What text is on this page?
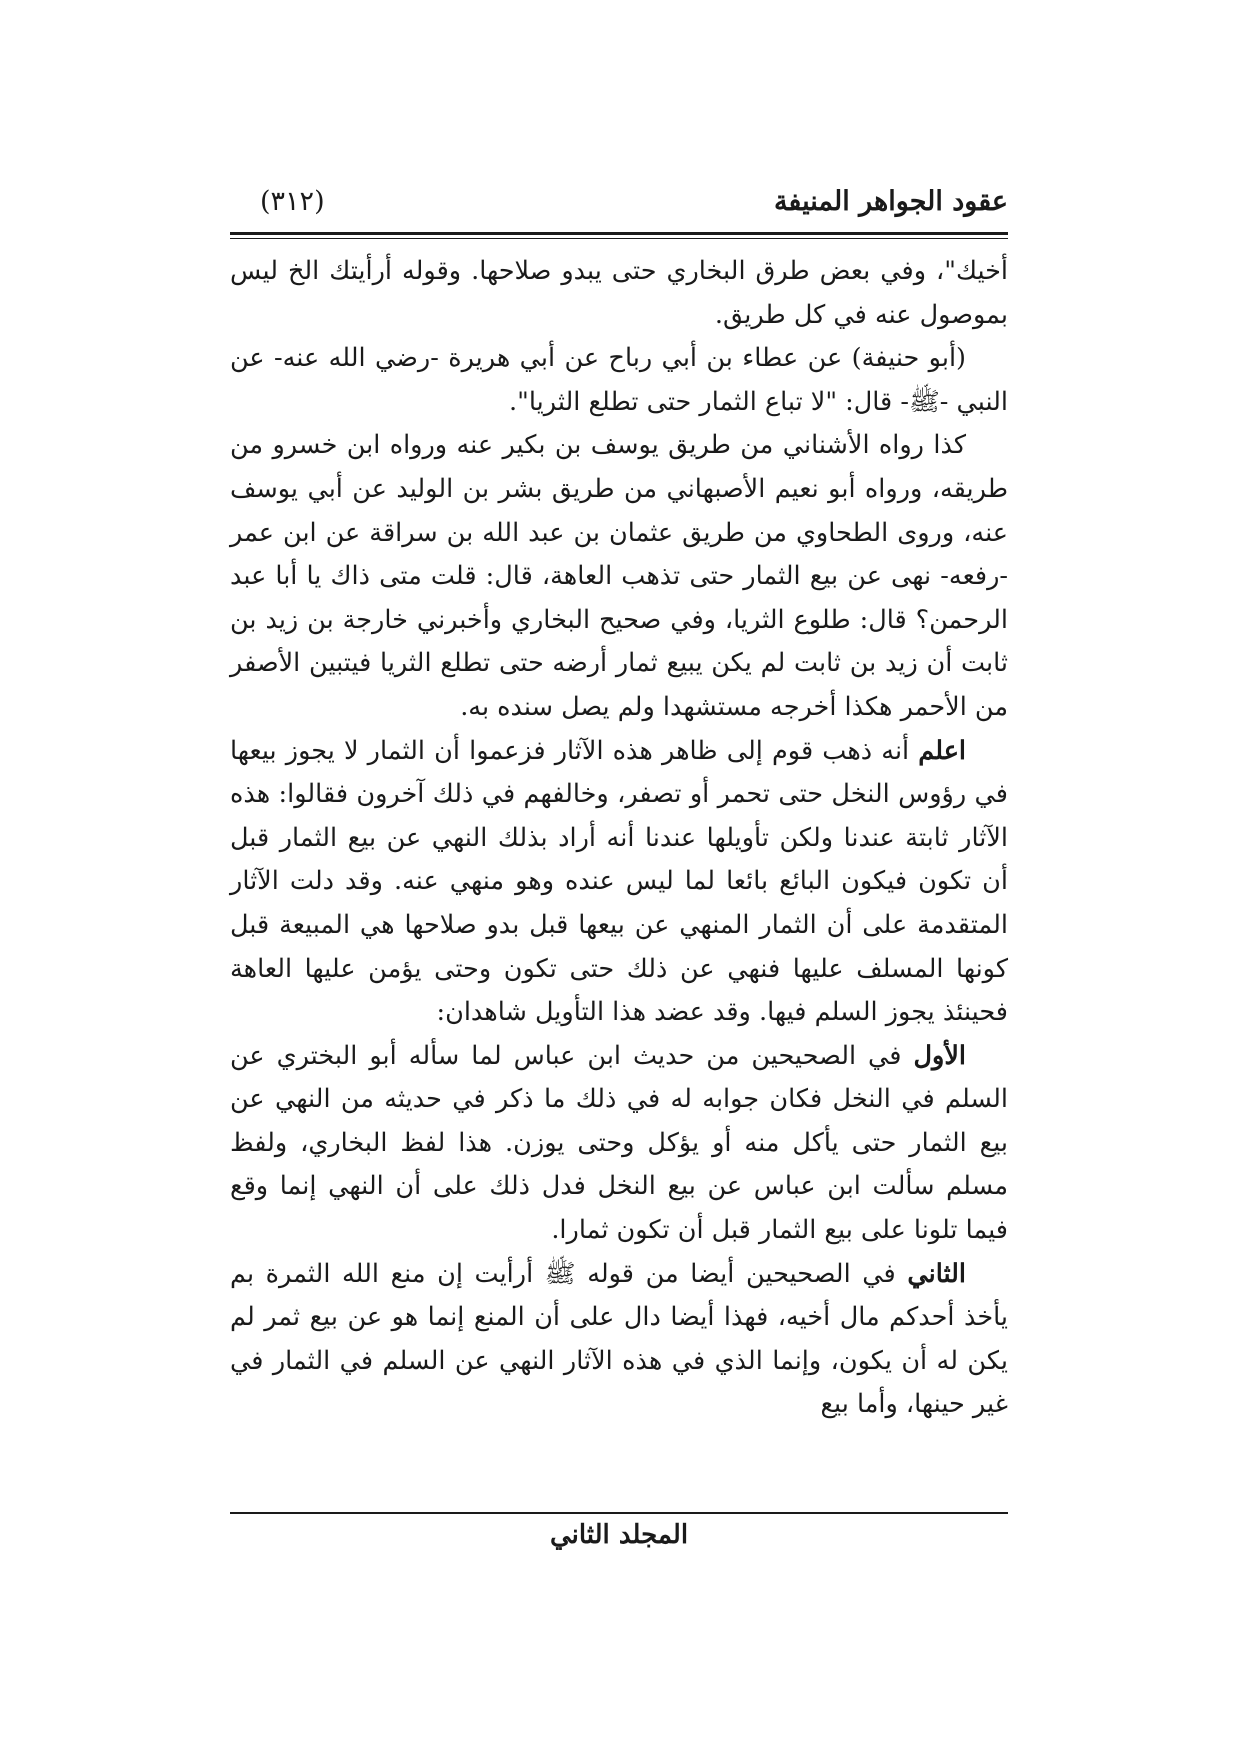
عقود الجواهر المنيفة
(٣١٢)

أخيك"، وفي بعض طرق البخاري حتى يبدو صلاحها. وقوله أرأيتك الخ ليس بموصول عنه في كل طريق.

(أبو حنيفة) عن عطاء بن أبي رباح عن أبي هريرة -رضي الله عنه- عن النبي -ﷺ- قال: "لا تباع الثمار حتى تطلع الثريا".

كذا رواه الأشناني من طريق يوسف بن بكير عنه ورواه ابن خسرو من طريقه، ورواه أبو نعيم الأصبهاني من طريق بشر بن الوليد عن أبي يوسف عنه، وروى الطحاوي من طريق عثمان بن عبد الله بن سراقة عن ابن عمر -رفعه- نهى عن بيع الثمار حتى تذهب العاهة، قال: قلت متى ذاك يا أبا عبد الرحمن؟ قال: طلوع الثريا، وفي صحيح البخاري وأخبرني خارجة بن زيد بن ثابت أن زيد بن ثابت لم يكن يبيع ثمار أرضه حتى تطلع الثريا فيتبين الأصفر من الأحمر هكذا أخرجه مستشهدا ولم يصل سنده به.

اعلم أنه ذهب قوم إلى ظاهر هذه الآثار فزعموا أن الثمار لا يجوز بيعها في رؤوس النخل حتى تحمر أو تصفر، وخالفهم في ذلك آخرون فقالوا: هذه الآثار ثابتة عندنا ولكن تأويلها عندنا أنه أراد بذلك النهي عن بيع الثمار قبل أن تكون فيكون البائع بائعا لما ليس عنده وهو منهي عنه. وقد دلت الآثار المتقدمة على أن الثمار المنهي عن بيعها قبل بدو صلاحها هي المبيعة قبل كونها المسلف عليها فنهي عن ذلك حتى تكون وحتى يؤمن عليها العاهة فحينئذ يجوز السلم فيها. وقد عضد هذا التأويل شاهدان:

الأول في الصحيحين من حديث ابن عباس لما سأله أبو البختري عن السلم في النخل فكان جوابه له في ذلك ما ذكر في حديثه من النهي عن بيع الثمار حتى يأكل منه أو يؤكل وحتى يوزن. هذا لفظ البخاري، ولفظ مسلم سألت ابن عباس عن بيع النخل فدل ذلك على أن النهي إنما وقع فيما تلونا على بيع الثمار قبل أن تكون ثمارا.

الثاني في الصحيحين أيضا من قوله ﷺ أرأيت إن منع الله الثمرة بم يأخذ أحدكم مال أخيه، فهذا أيضا دال على أن المنع إنما هو عن بيع ثمر لم يكن له أن يكون، وإنما الذي في هذه الآثار النهي عن السلم في الثمار في غير حينها، وأما بيع

المجلد الثاني
